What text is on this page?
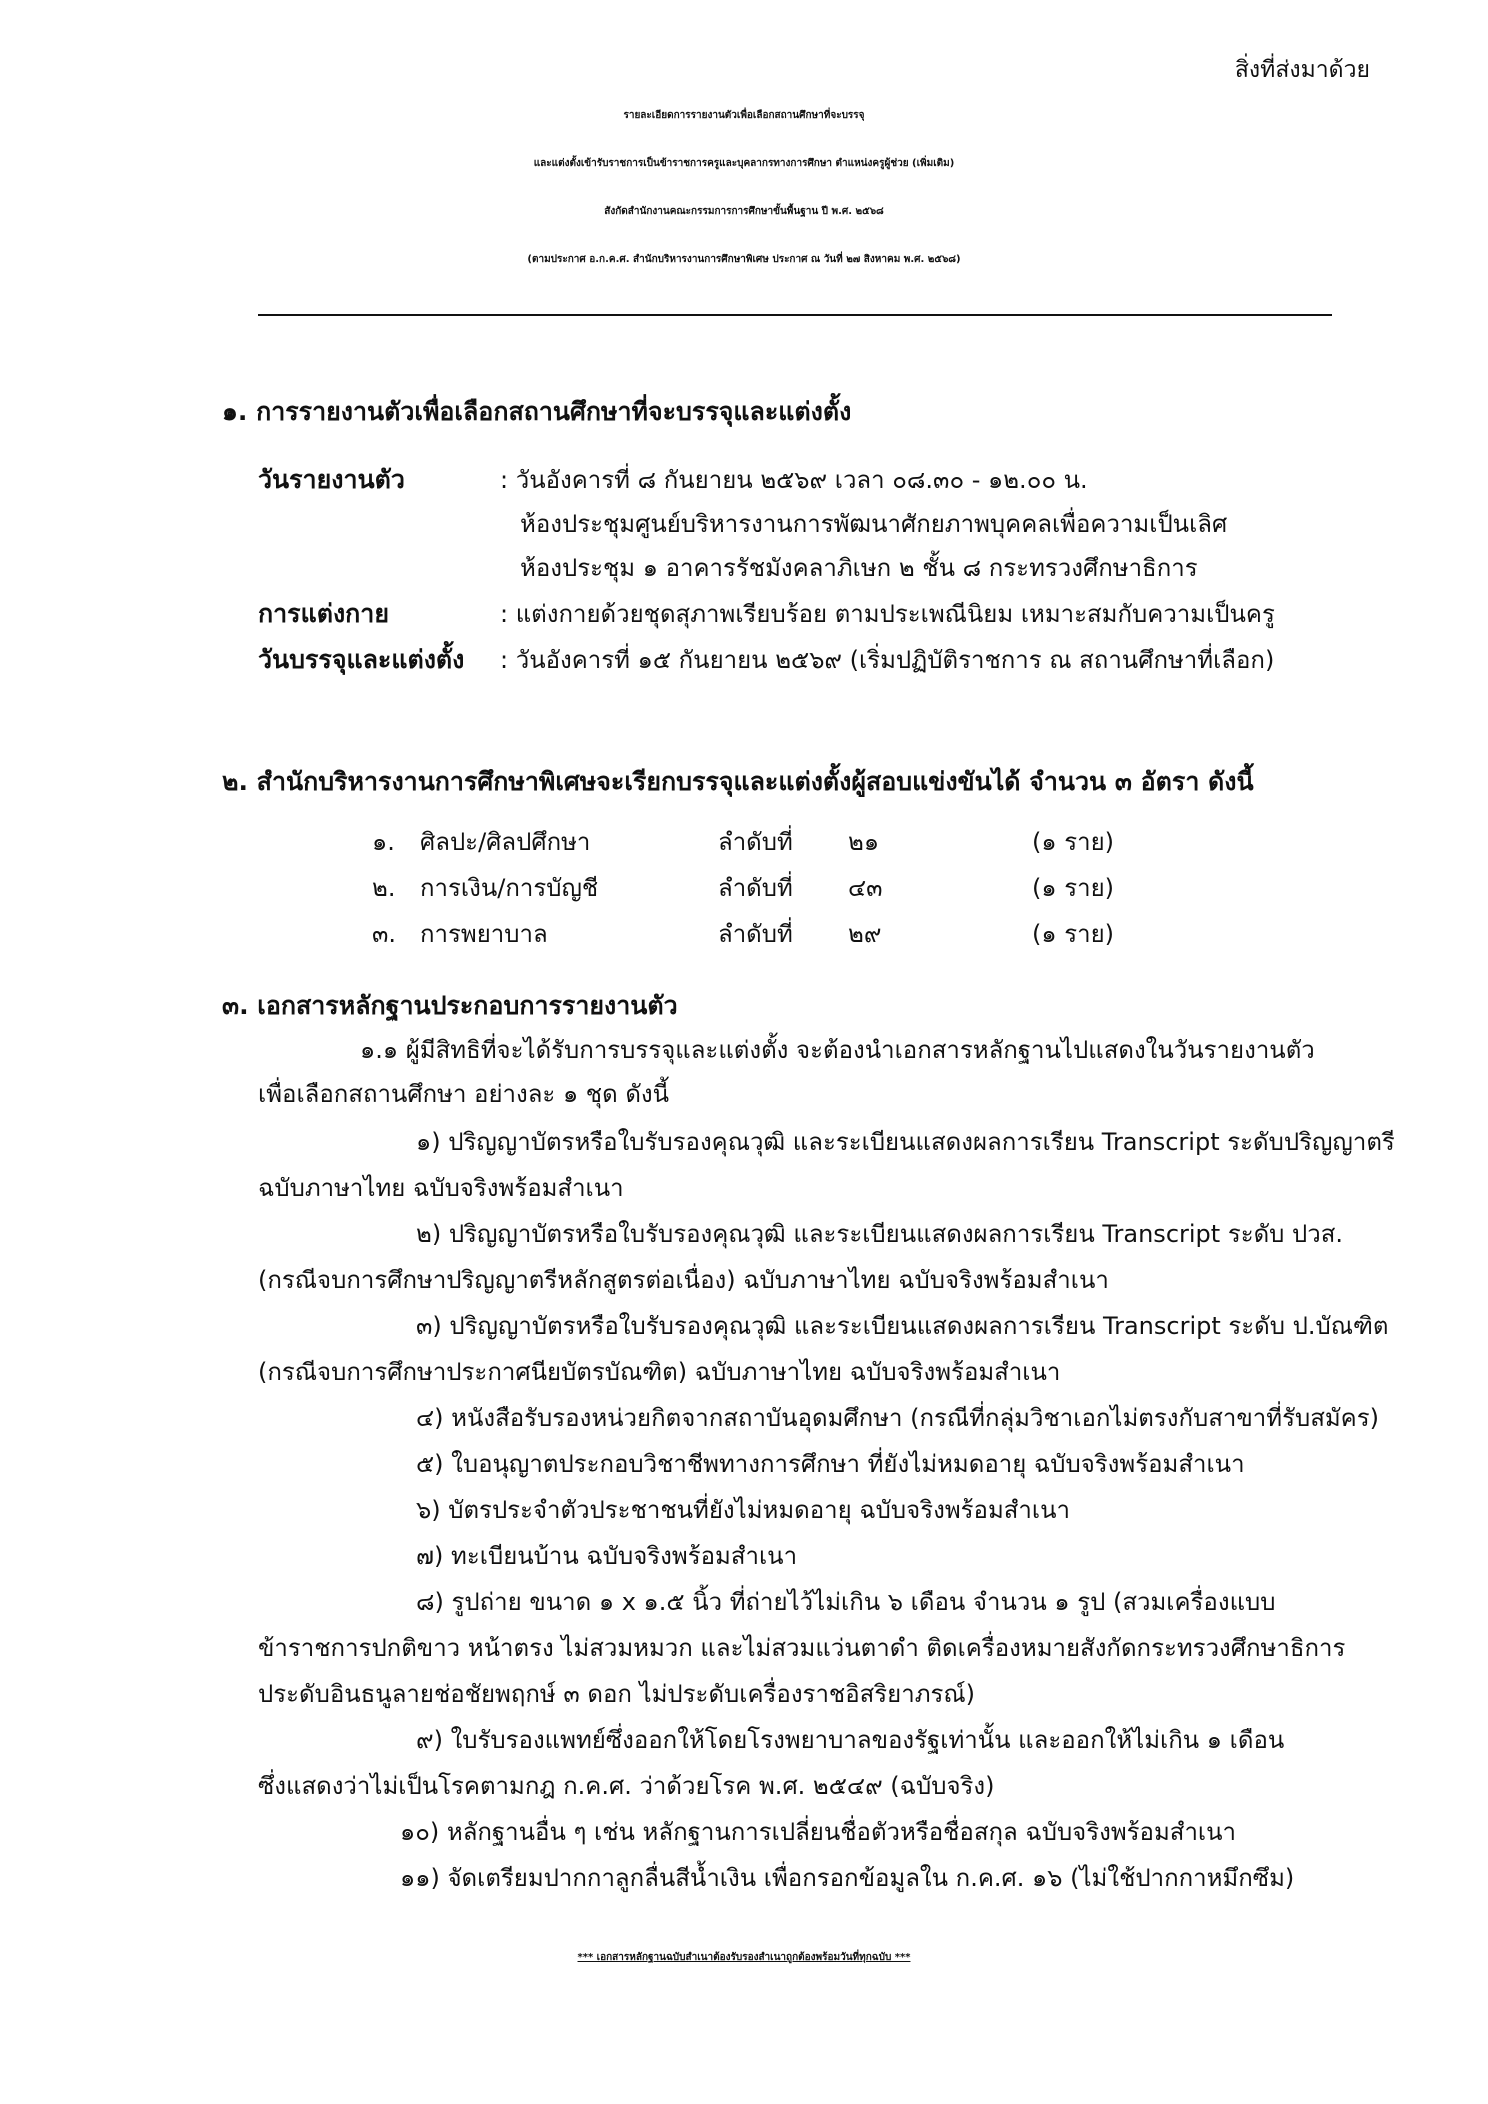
สิ่งที่ส่งมาด้วย
รายละเอียดการรายงานตัวเพื่อเลือกสถานศึกษาที่จะบรรจุ
และแต่งตั้งเข้ารับราชการเป็นข้าราชการครูและบุคลากรทางการศึกษา ตำแหน่งครูผู้ช่วย (เพิ่มเติม)
สังกัดสำนักงานคณะกรรมการการศึกษาขั้นพื้นฐาน ปี พ.ศ. ๒๕๖๘
(ตามประกาศ อ.ก.ค.ศ. สำนักบริหารงานการศึกษาพิเศษ ประกาศ ณ วันที่ ๒๗ สิงหาคม พ.ศ. ๒๕๖๘)
๑. การรายงานตัวเพื่อเลือกสถานศึกษาที่จะบรรจุและแต่งตั้ง
วันรายงานตัว	: วันอังคารที่ ๘ กันยายน ๒๕๖๙ เวลา ๐๘.๓๐ - ๑๒.๐๐ น.
ห้องประชุมศูนย์บริหารงานการพัฒนาศักยภาพบุคคลเพื่อความเป็นเลิศ
ห้องประชุม ๑ อาคารรัชมังคลาภิเษก ๒ ชั้น ๘ กระทรวงศึกษาธิการ
การแต่งกาย	: แต่งกายด้วยชุดสุภาพเรียบร้อย ตามประเพณีนิยม เหมาะสมกับความเป็นครู
วันบรรจุและแต่งตั้ง : วันอังคารที่ ๑๕ กันยายน ๒๕๖๙ (เริ่มปฏิบัติราชการ ณ สถานศึกษาที่เลือก)
๒. สำนักบริหารงานการศึกษาพิเศษจะเรียกบรรจุและแต่งตั้งผู้สอบแข่งขันได้ จำนวน ๓ อัตรา ดังนี้
๑. ศิลปะ/ศิลปศึกษา	ลำดับที่ ๒๑	(๑ ราย)
๒. การเงิน/การบัญชี	ลำดับที่ ๔๓	(๑ ราย)
๓. การพยาบาล	ลำดับที่ ๒๙	(๑ ราย)
๓. เอกสารหลักฐานประกอบการรายงานตัว
๑.๑ ผู้มีสิทธิที่จะได้รับการบรรจุและแต่งตั้ง จะต้องนำเอกสารหลักฐานไปแสดงในวันรายงานตัว
เพื่อเลือกสถานศึกษา อย่างละ ๑ ชุด ดังนี้
๑) ปริญญาบัตรหรือใบรับรองคุณวุฒิ และระเบียนแสดงผลการเรียน Transcript ระดับปริญญาตรี
ฉบับภาษาไทย ฉบับจริงพร้อมสำเนา
๒) ปริญญาบัตรหรือใบรับรองคุณวุฒิ และระเบียนแสดงผลการเรียน Transcript ระดับ ปวส.
(กรณีจบการศึกษาปริญญาตรีหลักสูตรต่อเนื่อง) ฉบับภาษาไทย ฉบับจริงพร้อมสำเนา
๓) ปริญญาบัตรหรือใบรับรองคุณวุฒิ และระเบียนแสดงผลการเรียน Transcript ระดับ ป.บัณฑิต
(กรณีจบการศึกษาประกาศนียบัตรบัณฑิต) ฉบับภาษาไทย ฉบับจริงพร้อมสำเนา
๔) หนังสือรับรองหน่วยกิตจากสถาบันอุดมศึกษา (กรณีที่กลุ่มวิชาเอกไม่ตรงกับสาขาที่รับสมัคร)
๕) ใบอนุญาตประกอบวิชาชีพทางการศึกษา ที่ยังไม่หมดอายุ ฉบับจริงพร้อมสำเนา
๖) บัตรประจำตัวประชาชนที่ยังไม่หมดอายุ ฉบับจริงพร้อมสำเนา
๗) ทะเบียนบ้าน ฉบับจริงพร้อมสำเนา
๘) รูปถ่าย ขนาด ๑ x ๑.๕ นิ้ว ที่ถ่ายไว้ไม่เกิน ๖ เดือน จำนวน ๑ รูป (สวมเครื่องแบบ
ข้าราชการปกติขาว หน้าตรง ไม่สวมหมวก และไม่สวมแว่นตาดำ ติดเครื่องหมายสังกัดกระทรวงศึกษาธิการ
ประดับอินธนูลายช่อชัยพฤกษ์ ๓ ดอก ไม่ประดับเครื่องราชอิสริยาภรณ์)
๙) ใบรับรองแพทย์ซึ่งออกให้โดยโรงพยาบาลของรัฐเท่านั้น และออกให้ไม่เกิน ๑ เดือน
ซึ่งแสดงว่าไม่เป็นโรคตามกฎ ก.ค.ศ. ว่าด้วยโรค พ.ศ. ๒๕๔๙ (ฉบับจริง)
๑๐) หลักฐานอื่น ๆ เช่น หลักฐานการเปลี่ยนชื่อตัวหรือชื่อสกุล ฉบับจริงพร้อมสำเนา
๑๑) จัดเตรียมปากกาลูกลื่นสีน้ำเงิน เพื่อกรอกข้อมูลใน ก.ค.ศ. ๑๖ (ไม่ใช้ปากกาหมึกซึม)
*** เอกสารหลักฐานฉบับสำเนาต้องรับรองสำเนาถูกต้องพร้อมวันที่ทุกฉบับ ***
